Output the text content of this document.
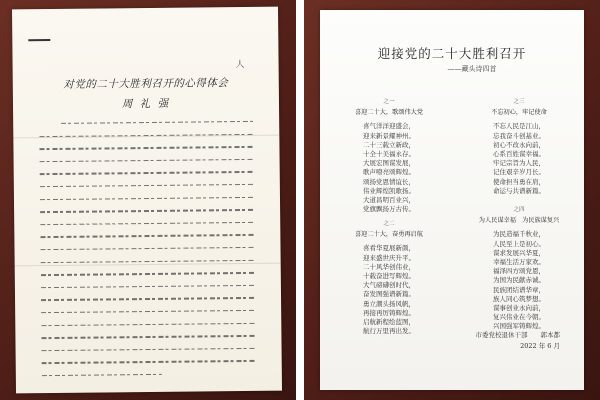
人
对党的二十大胜利召开的心得体会
周 礼 强
迎接党的二十大胜利召开
——藏头诗四首
之一
喜迎二十大，歌颂伟大党
喜气洋洋迎盛会，
迎来新景耀神州。
二十三载立新政，
十全十美福永存。
大展宏图谋发展，
歌声嘹亮颂辉煌。
颂扬党恩情谊长，
伟业辉煌凯歌扬。
大道昌明百业兴，
党旗飘扬万古传。
之三
不忘初心，牢记使命
不忘人民是江山，
忘我奋斗创基业。
初心不改永向前，
心系百姓谋幸福。
牢记宗旨为人民，
记住艰辛岁月长。
使命担当勇在肩，
命运与共谱新篇。
之二
喜迎二十大，奋勇再启航
喜看华夏展新颜，
迎来盛世庆升平。
二十风华创伟业，
十载奋进写辉煌。
大气磅礴创时代，
奋发图强谱新篇。
勇立潮头扬风帆，
再接再厉铸辉煌。
启航新程绘蓝图，
航行万里再出发。
之四
为人民谋幸福　为民族谋复兴
为民造福千秋业，
人民至上是初心。
谋求发展兴华夏，
幸福生活万家欢。
福泽四方颂党恩，
为国为民献赤诚。
民族团结谱华章，
族人同心筑梦想。
谋事创业永向前，
复兴伟业在今朝。
兴国强军铸辉煌。
市委党校退休干部　　郭本都
2022 年 6 月
